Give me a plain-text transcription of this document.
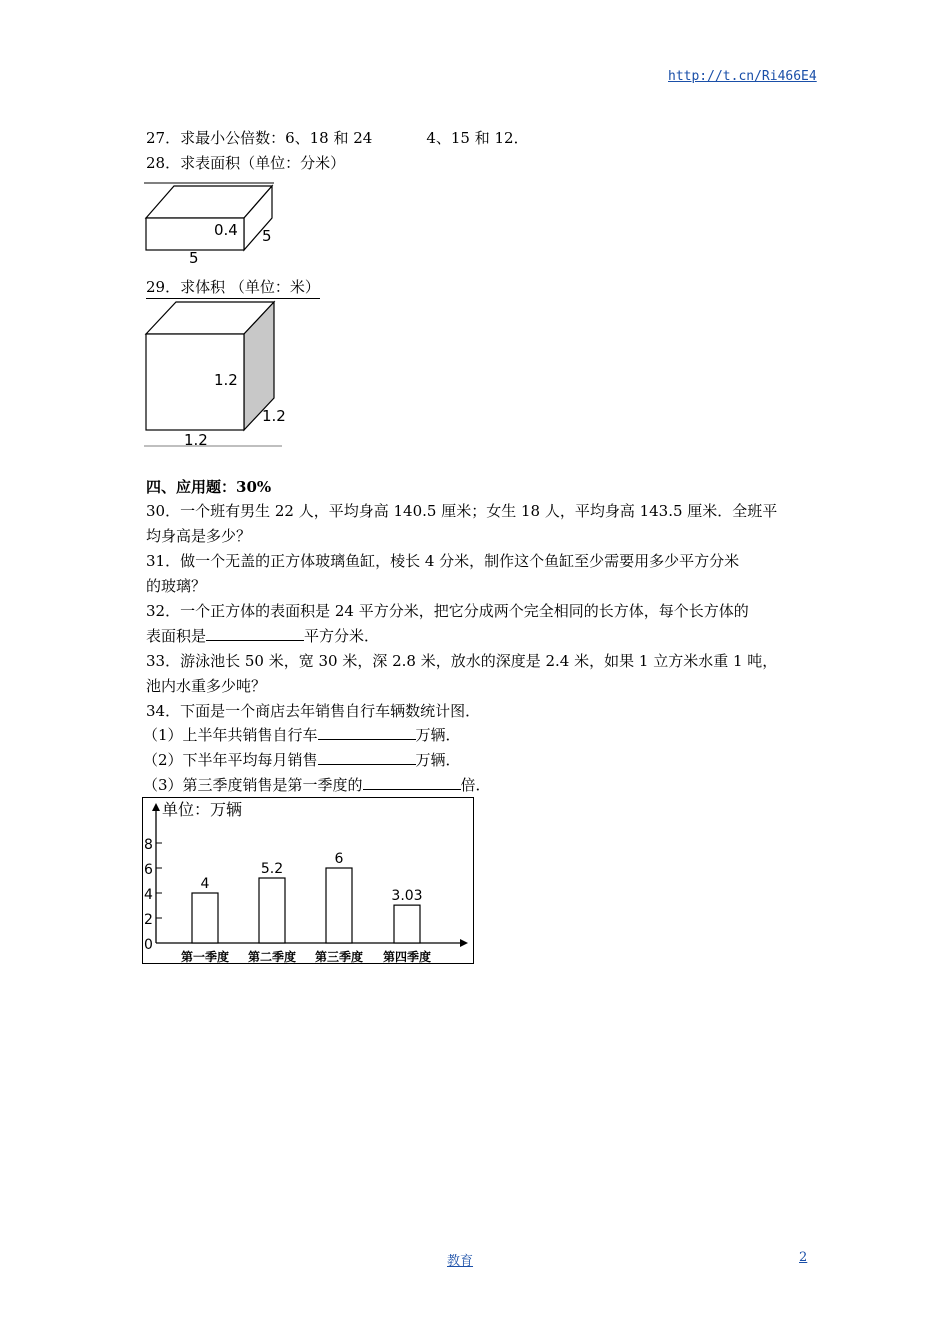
http://t.cn/Ri466E4
27．求最小公倍数：6、18 和 24	4、15 和 12．
28．求表面积（单位：分米）
0.4 5
5
29．求体积 （单位：米）
1.2
1.2
1.2
四、应用题：30%
30．一个班有男生 22 人，平均身高 140.5 厘米；女生 18 人，平均身高 143.5 厘米．全班平
均身高是多少？
31．做一个无盖的正方体玻璃鱼缸，棱长 4 分米，制作这个鱼缸至少需要用多少平方分米
的玻璃？
32．一个正方体的表面积是 24 平方分米，把它分成两个完全相同的长方体，每个长方体的
表面积是	平方分米．
33．游泳池长 50 米，宽 30 米，深 2.8 米，放水的深度是 2.4 米，如果 1 立方米水重 1 吨，
池内水重多少吨？
34．下面是一个商店去年销售自行车辆数统计图．
（1）上半年共销售自行车	万辆．
（2）下半年平均每月销售	万辆．
（3）第三季度销售是第一季度的	倍．
单位：万辆
0
2
4
6
8
4
第一季度
5.2
第二季度
6
第三季度
3.03
第四季度
教育	2
